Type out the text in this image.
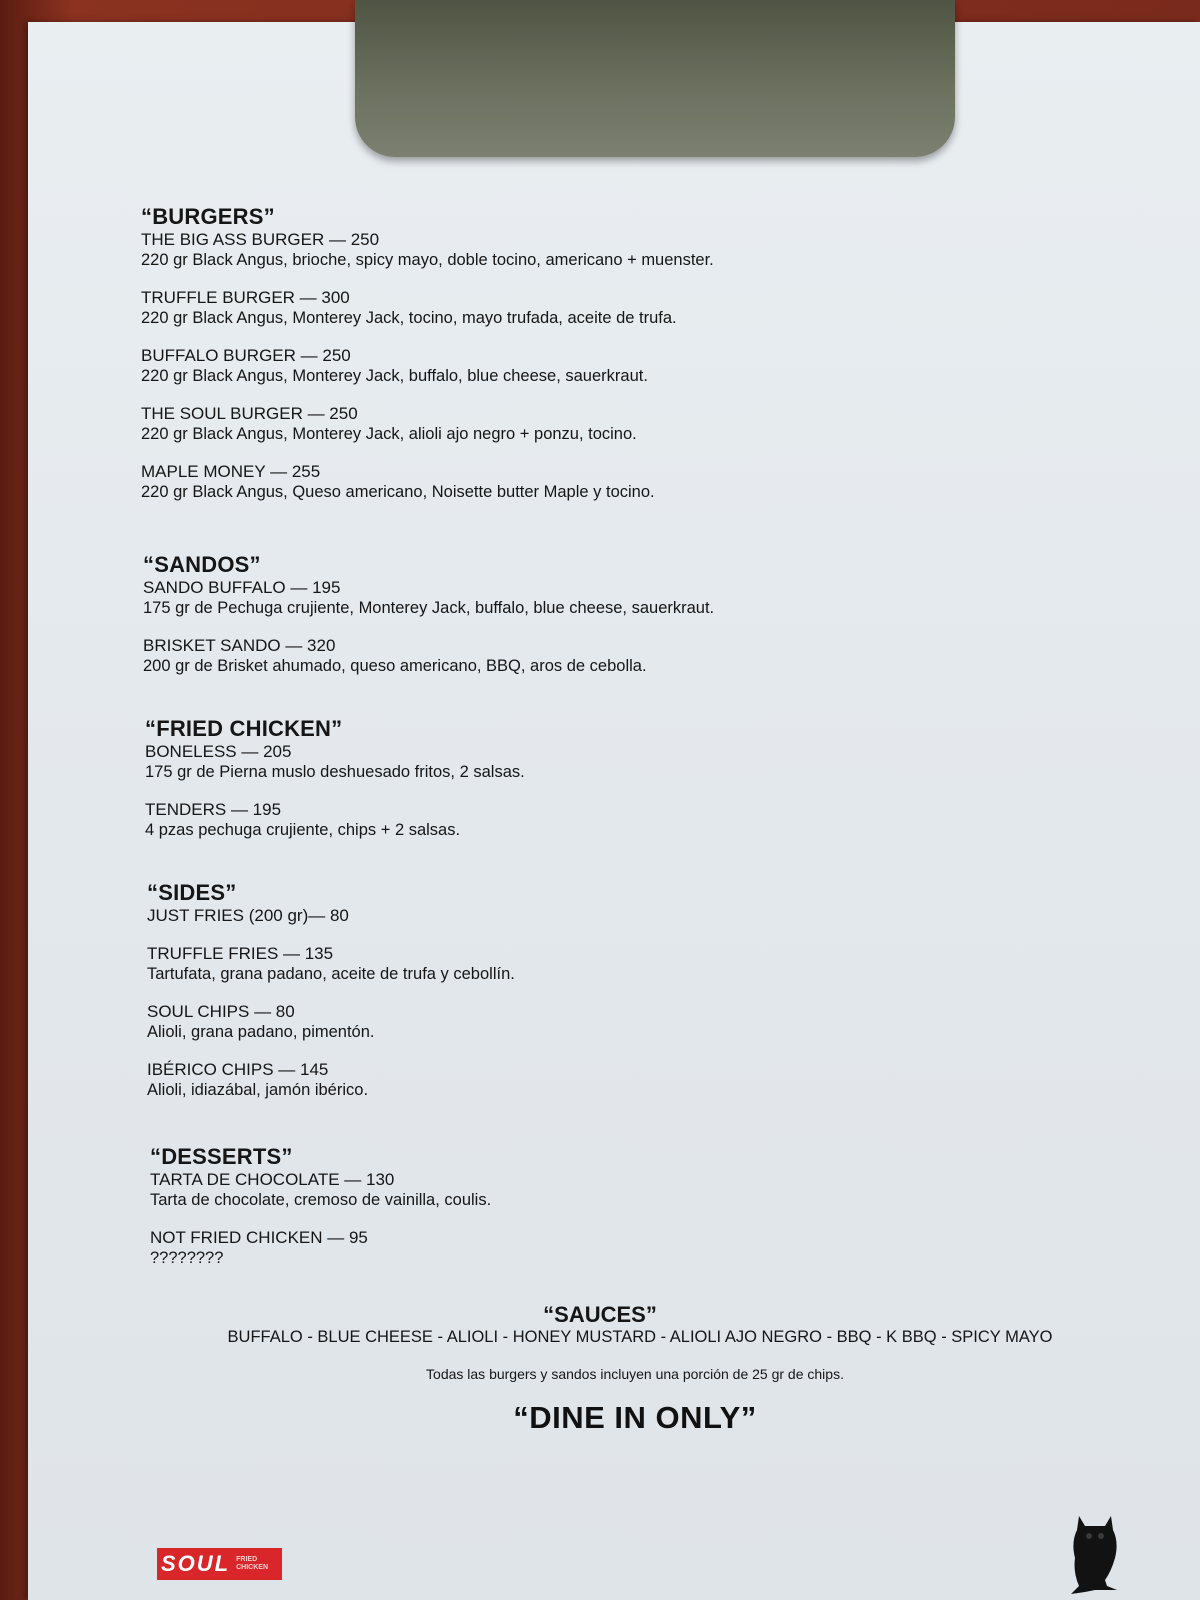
“BURGERS”
THE BIG ASS BURGER — 250
220 gr Black Angus, brioche, spicy mayo, doble tocino, americano + muenster.
TRUFFLE BURGER — 300
220 gr Black Angus, Monterey Jack, tocino, mayo trufada, aceite de trufa.
BUFFALO BURGER — 250
220 gr Black Angus, Monterey Jack, buffalo, blue cheese, sauerkraut.
THE SOUL BURGER — 250
220 gr Black Angus, Monterey Jack, alioli ajo negro + ponzu, tocino.
MAPLE MONEY — 255
220 gr Black Angus, Queso americano, Noisette butter Maple y tocino.
“SANDOS”
SANDO BUFFALO — 195
175 gr de Pechuga crujiente, Monterey Jack, buffalo, blue cheese, sauerkraut.
BRISKET SANDO — 320
200 gr de Brisket ahumado, queso americano, BBQ, aros de cebolla.
“FRIED CHICKEN”
BONELESS — 205
175 gr de Pierna muslo deshuesado fritos, 2 salsas.
TENDERS — 195
4 pzas pechuga crujiente, chips + 2 salsas.
“SIDES”
JUST FRIES (200 gr)— 80
TRUFFLE FRIES — 135
Tartufata, grana padano, aceite de trufa y cebollín.
SOUL CHIPS — 80
Alioli, grana padano, pimentón.
IBÉRICO CHIPS — 145
Alioli, idiazábal, jamón ibérico.
“DESSERTS”
TARTA DE CHOCOLATE — 130
Tarta de chocolate, cremoso de vainilla, coulis.
NOT FRIED CHICKEN — 95
????????
“SAUCES”
BUFFALO - BLUE CHEESE - ALIOLI - HONEY MUSTARD - ALIOLI AJO NEGRO - BBQ - K BBQ - SPICY MAYO
Todas las burgers y sandos incluyen una porción de 25 gr de chips.
“DINE IN ONLY”
SOUL FRIED
CHICKEN
